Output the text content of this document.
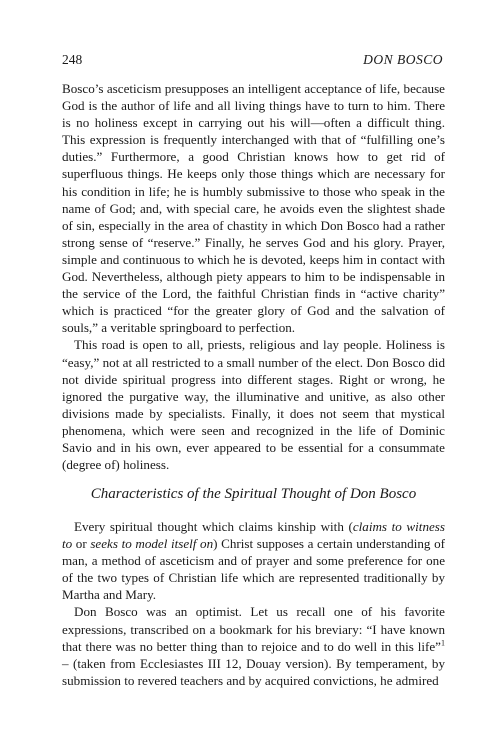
248	DON BOSCO

Bosco’s asceticism presupposes an intelligent acceptance of life, because God is the author of life and all living things have to turn to him. There is no holiness except in carrying out his will—often a difficult thing. This expression is frequently interchanged with that of “fulfilling one’s duties.” Furthermore, a good Christian knows how to get rid of superfluous things. He keeps only those things which are necessary for his condition in life; he is humbly submissive to those who speak in the name of God; and, with special care, he avoids even the slightest shade of sin, especially in the area of chastity in which Don Bosco had a rather strong sense of “reserve.” Finally, he serves God and his glory. Prayer, simple and continuous to which he is devoted, keeps him in contact with God. Nevertheless, although piety appears to him to be indispensable in the service of the Lord, the faithful Christian finds in “active charity” which is practiced “for the greater glory of God and the salvation of souls,” a veritable springboard to perfection.

This road is open to all, priests, religious and lay people. Holiness is “easy,” not at all restricted to a small number of the elect. Don Bosco did not divide spiritual progress into different stages. Right or wrong, he ignored the purgative way, the illuminative and unitive, as also other divisions made by specialists. Finally, it does not seem that mystical phenomena, which were seen and recognized in the life of Dominic Savio and in his own, ever appeared to be essential for a consummate (degree of) holiness.

Characteristics of the Spiritual Thought of Don Bosco

Every spiritual thought which claims kinship with (claims to witness to or seeks to model itself on) Christ supposes a certain understanding of man, a method of asceticism and of prayer and some preference for one of the two types of Christian life which are represented traditionally by Martha and Mary.

Don Bosco was an optimist. Let us recall one of his favorite expressions, transcribed on a bookmark for his breviary: “I have known that there was no better thing than to rejoice and to do well in this life”$^1$ – (taken from Ecclesiastes III 12, Douay version). By temperament, by submission to revered teachers and by acquired convictions, he admired
